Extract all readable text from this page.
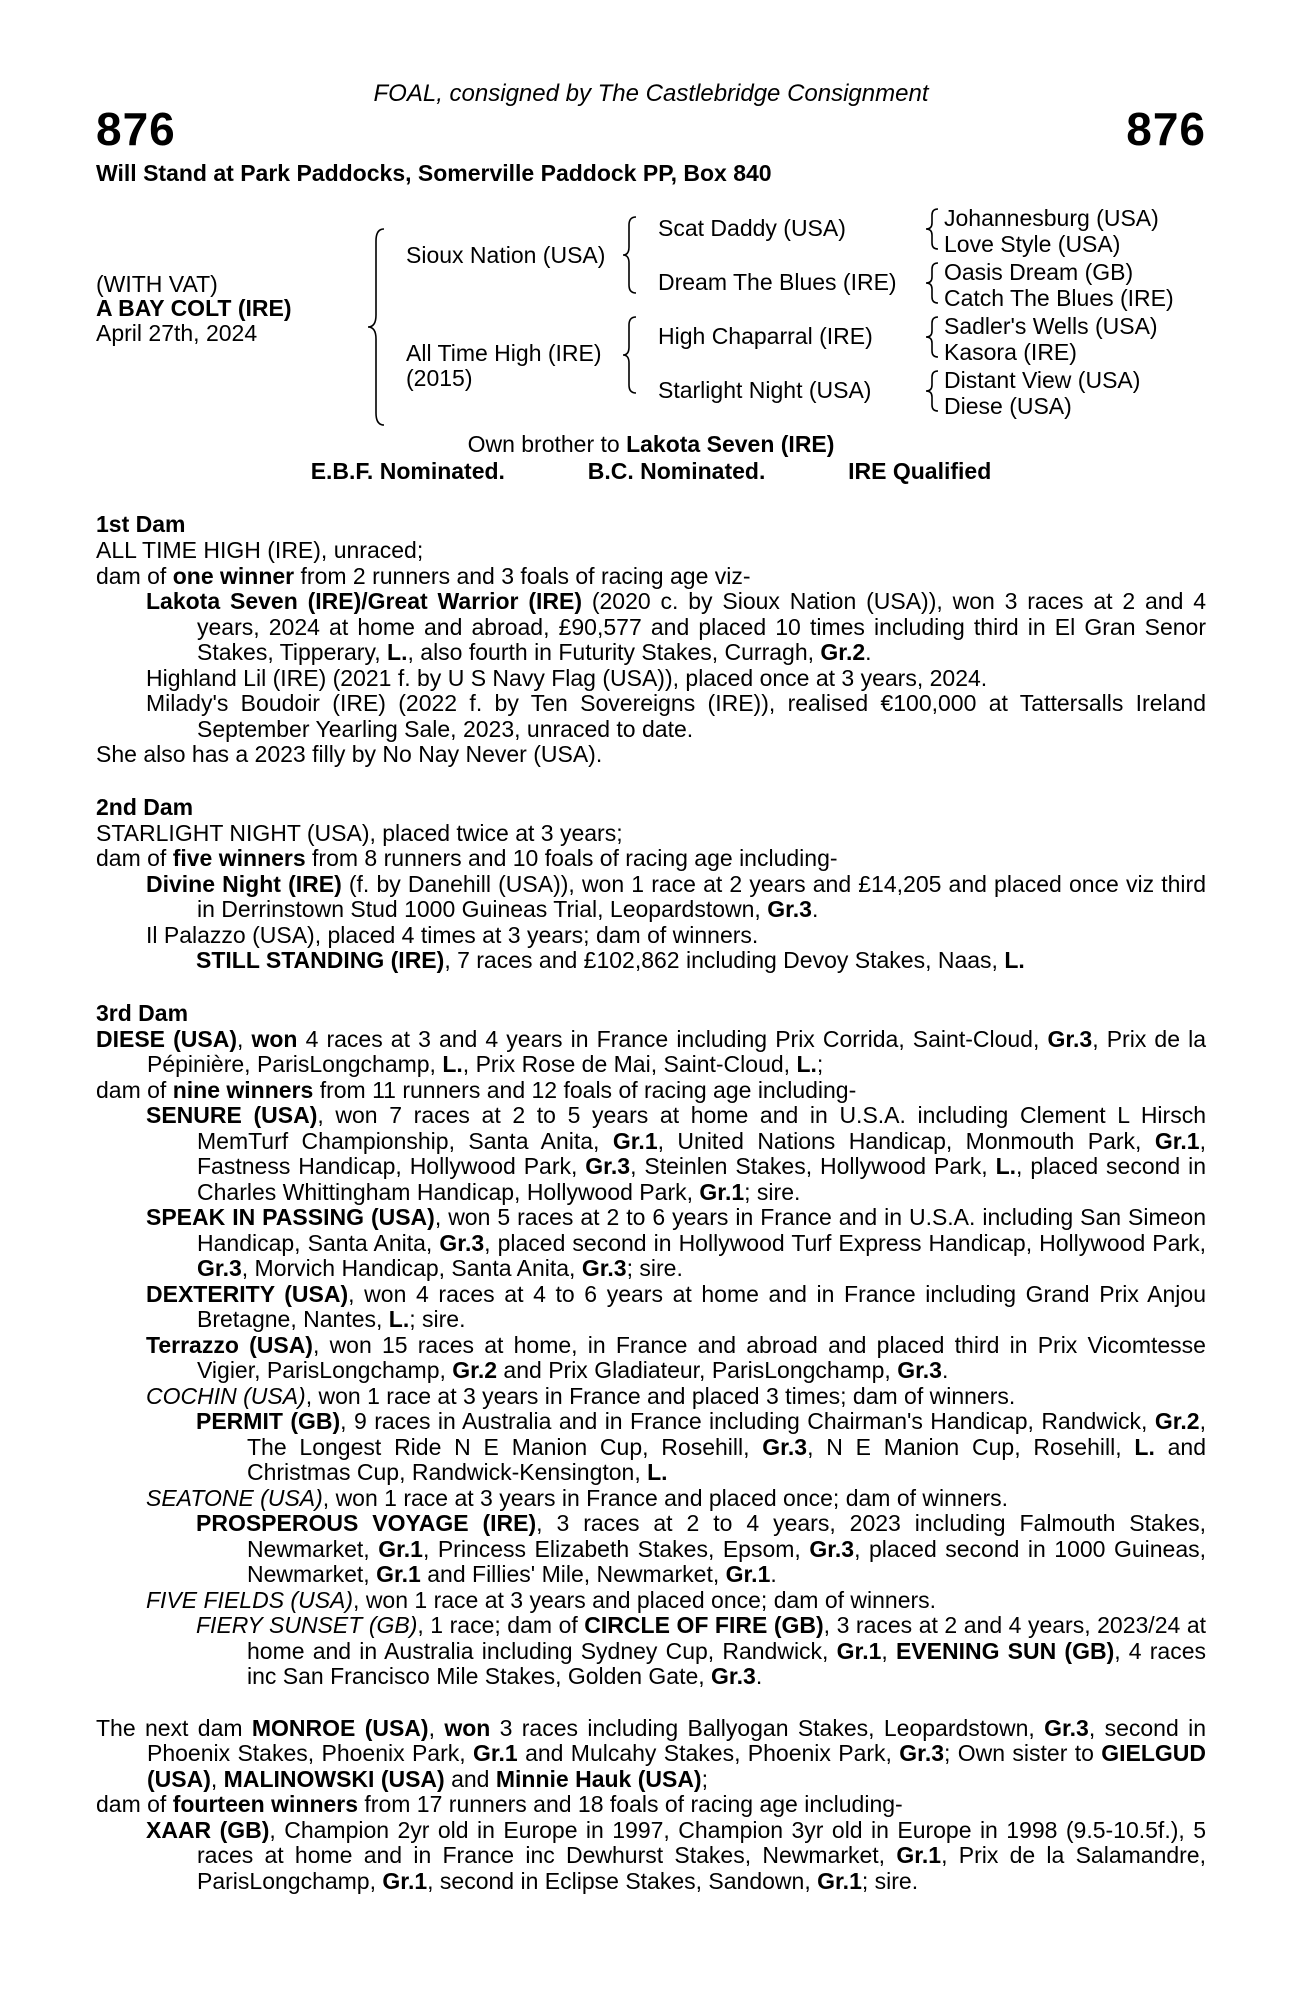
FOAL, consigned by The Castlebridge Consignment
876	876
Will Stand at Park Paddocks, Somerville Paddock PP, Box 840
(WITH VAT)
A BAY COLT (IRE)
April 27th, 2024
Sioux Nation (USA)
All Time High (IRE)
(2015)
Scat Daddy (USA)
Dream The Blues (IRE)
High Chaparral (IRE)
Starlight Night (USA)
Johannesburg (USA)
Love Style (USA)
Oasis Dream (GB)
Catch The Blues (IRE)
Sadler's Wells (USA)
Kasora (IRE)
Distant View (USA)
Diese (USA)
Own brother to Lakota Seven (IRE)
E.B.F. Nominated.	B.C. Nominated.	IRE Qualified
1st Dam

ALL TIME HIGH (IRE), unraced;

dam of one winner from 2 runners and 3 foals of racing age viz-

Lakota Seven (IRE)/Great Warrior (IRE) (2020 c. by Sioux Nation (USA)), won 3 races at 2 and 4 years, 2024 at home and abroad, £90,577 and placed 10 times including third in El Gran Senor Stakes, Tipperary, L., also fourth in Futurity Stakes, Curragh, Gr.2.

Highland Lil (IRE) (2021 f. by U S Navy Flag (USA)), placed once at 3 years, 2024.

Milady's Boudoir (IRE) (2022 f. by Ten Sovereigns (IRE)), realised €100,000 at Tattersalls Ireland September Yearling Sale, 2023, unraced to date.

She also has a 2023 filly by No Nay Never (USA).

2nd Dam

STARLIGHT NIGHT (USA), placed twice at 3 years;

dam of five winners from 8 runners and 10 foals of racing age including-

Divine Night (IRE) (f. by Danehill (USA)), won 1 race at 2 years and £14,205 and placed once viz third in Derrinstown Stud 1000 Guineas Trial, Leopardstown, Gr.3.

Il Palazzo (USA), placed 4 times at 3 years; dam of winners.

STILL STANDING (IRE), 7 races and £102,862 including Devoy Stakes, Naas, L.

3rd Dam

DIESE (USA), won 4 races at 3 and 4 years in France including Prix Corrida, Saint-Cloud, Gr.3, Prix de la Pépinière, ParisLongchamp, L., Prix Rose de Mai, Saint-Cloud, L.;

dam of nine winners from 11 runners and 12 foals of racing age including-

SENURE (USA), won 7 races at 2 to 5 years at home and in U.S.A. including Clement L Hirsch MemTurf Championship, Santa Anita, Gr.1, United Nations Handicap, Monmouth Park, Gr.1, Fastness Handicap, Hollywood Park, Gr.3, Steinlen Stakes, Hollywood Park, L., placed second in Charles Whittingham Handicap, Hollywood Park, Gr.1; sire.

SPEAK IN PASSING (USA), won 5 races at 2 to 6 years in France and in U.S.A. including San Simeon Handicap, Santa Anita, Gr.3, placed second in Hollywood Turf Express Handicap, Hollywood Park, Gr.3, Morvich Handicap, Santa Anita, Gr.3; sire.

DEXTERITY (USA), won 4 races at 4 to 6 years at home and in France including Grand Prix Anjou Bretagne, Nantes, L.; sire.

Terrazzo (USA), won 15 races at home, in France and abroad and placed third in Prix Vicomtesse Vigier, ParisLongchamp, Gr.2 and Prix Gladiateur, ParisLongchamp, Gr.3.

COCHIN (USA), won 1 race at 3 years in France and placed 3 times; dam of winners.

PERMIT (GB), 9 races in Australia and in France including Chairman's Handicap, Randwick, Gr.2, The Longest Ride N E Manion Cup, Rosehill, Gr.3, N E Manion Cup, Rosehill, L. and Christmas Cup, Randwick-Kensington, L.

SEATONE (USA), won 1 race at 3 years in France and placed once; dam of winners.

PROSPEROUS VOYAGE (IRE), 3 races at 2 to 4 years, 2023 including Falmouth Stakes, Newmarket, Gr.1, Princess Elizabeth Stakes, Epsom, Gr.3, placed second in 1000 Guineas, Newmarket, Gr.1 and Fillies' Mile, Newmarket, Gr.1.

FIVE FIELDS (USA), won 1 race at 3 years and placed once; dam of winners.

FIERY SUNSET (GB), 1 race; dam of CIRCLE OF FIRE (GB), 3 races at 2 and 4 years, 2023/24 at home and in Australia including Sydney Cup, Randwick, Gr.1, EVENING SUN (GB), 4 races inc San Francisco Mile Stakes, Golden Gate, Gr.3.

The next dam MONROE (USA), won 3 races including Ballyogan Stakes, Leopardstown, Gr.3, second in Phoenix Stakes, Phoenix Park, Gr.1 and Mulcahy Stakes, Phoenix Park, Gr.3; Own sister to GIELGUD (USA), MALINOWSKI (USA) and Minnie Hauk (USA);

dam of fourteen winners from 17 runners and 18 foals of racing age including-

XAAR (GB), Champion 2yr old in Europe in 1997, Champion 3yr old in Europe in 1998 (9.5-10.5f.), 5 races at home and in France inc Dewhurst Stakes, Newmarket, Gr.1, Prix de la Salamandre, ParisLongchamp, Gr.1, second in Eclipse Stakes, Sandown, Gr.1; sire.
